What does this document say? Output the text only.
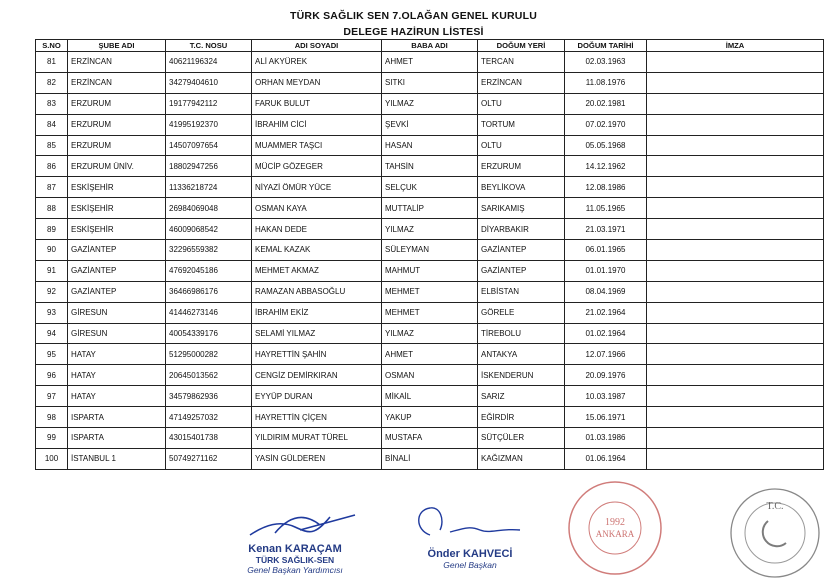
TÜRK SAĞLIK SEN 7.OLAĞAN GENEL KURULU
DELEGE HAZİRUN LİSTESİ
S.NO	ŞUBE ADI	T.C. NOSU	ADI SOYADI	BABA ADI	DOĞUM YERİ	DOĞUM TARİHİ	İMZA
81	ERZİNCAN	40621196324	ALİ AKYÜREK	AHMET	TERCAN	02.03.1963	
82	ERZİNCAN	34279404610	ORHAN MEYDAN	SITKI	ERZİNCAN	11.08.1976	
83	ERZURUM	19177942112	FARUK BULUT	YILMAZ	OLTU	20.02.1981	
84	ERZURUM	41995192370	İBRAHİM CİCİ	ŞEVKİ	TORTUM	07.02.1970	
85	ERZURUM	14507097654	MUAMMER TAŞCI	HASAN	OLTU	05.05.1968	
86	ERZURUM ÜNİV.	18802947256	MÜCİP GÖZEGER	TAHSİN	ERZURUM	14.12.1962	
87	ESKİŞEHİR	11336218724	NİYAZİ ÖMÜR YÜCE	SELÇUK	BEYLİKOVA	12.08.1986	
88	ESKİŞEHİR	26984069048	OSMAN KAYA	MUTTALİP	SARIKAMIŞ	11.05.1965	
89	ESKİŞEHİR	46009068542	HAKAN DEDE	YILMAZ	DİYARBAKIR	21.03.1971	
90	GAZİANTEP	32296559382	KEMAL KAZAK	SÜLEYMAN	GAZİANTEP	06.01.1965	
91	GAZİANTEP	47692045186	MEHMET AKMAZ	MAHMUT	GAZİANTEP	01.01.1970	
92	GAZİANTEP	36466986176	RAMAZAN ABBASOĞLU	MEHMET	ELBİSTAN	08.04.1969	
93	GİRESUN	41446273146	İBRAHİM EKİZ	MEHMET	GÖRELE	21.02.1964	
94	GİRESUN	40054339176	SELAMİ YILMAZ	YILMAZ	TİREBOLU	01.02.1964	
95	HATAY	51295000282	HAYRETTİN ŞAHİN	AHMET	ANTAKYA	12.07.1966	
96	HATAY	20645013562	CENGİZ DEMİRKIRAN	OSMAN	İSKENDERUN	20.09.1976	
97	HATAY	34579862936	EYYÜP DURAN	MİKAİL	SARIZ	10.03.1987	
98	ISPARTA	47149257032	HAYRETTİN ÇİÇEN	YAKUP	EĞİRDİR	15.06.1971	
99	ISPARTA	43015401738	YILDIRIM MURAT TÜREL	MUSTAFA	SÜTÇÜLER	01.03.1986	
100	İSTANBUL 1	50749271162	YASİN GÜLDEREN	BİNALİ	KAĞIZMAN	01.06.1964	
Kenan KARAÇAM
TÜRK SAĞLIK-SEN
Genel Başkan Yardımcısı
Önder KAHVECİ
Genel Başkan
1992
ANKARA
T.C.
